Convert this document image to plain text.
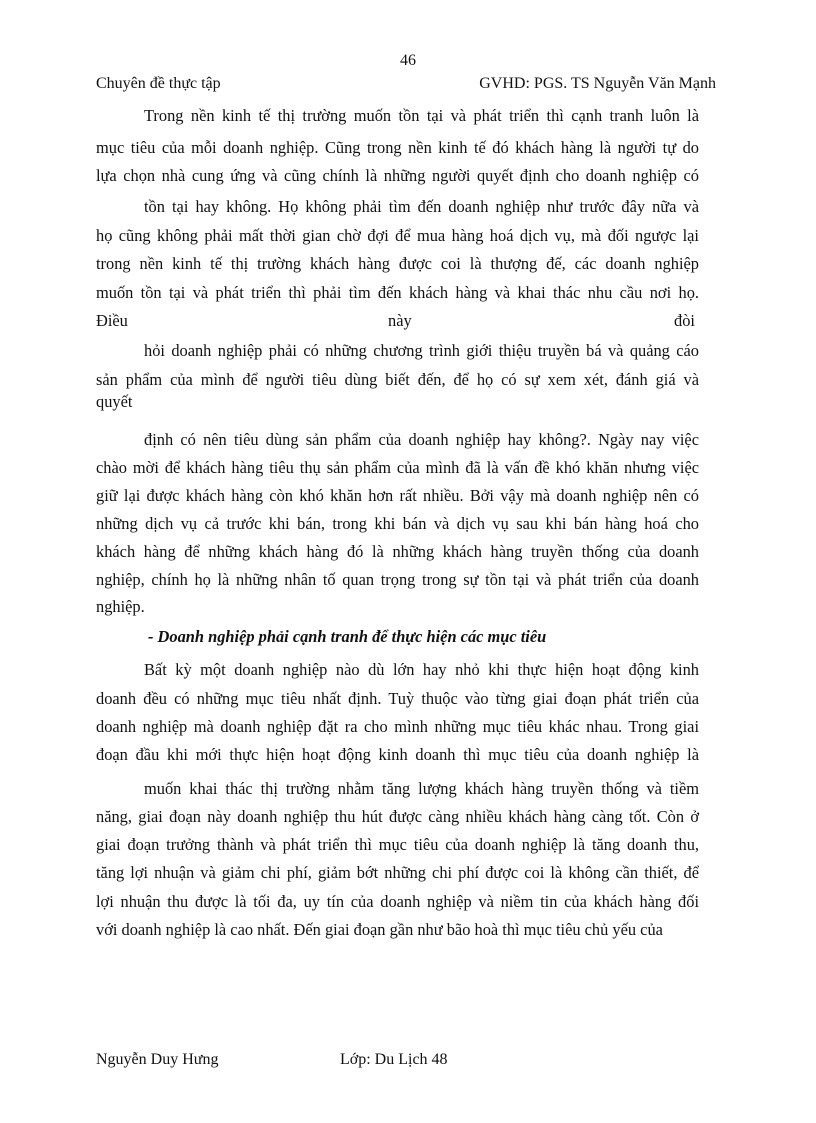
46
Chuyên đề thực tập	GVHD: PGS. TS Nguyễn Văn Mạnh
Trong nền kinh tế thị trường muốn tồn tại và phát triển thì cạnh tranh luôn là
mục tiêu của mỗi doanh nghiệp. Cũng trong nền kinh tế đó khách hàng là người tự do
lựa chọn nhà cung ứng và cũng chính là những người quyết định cho doanh nghiệp có
tồn tại hay không. Họ không phải tìm đến doanh nghiệp như trước đây nữa và
họ cũng không phải mất thời gian chờ đợi để mua hàng hoá dịch vụ, mà đối ngược lại
trong nền kinh tế thị trường khách hàng được coi là thượng đế, các doanh nghiệp
muốn tồn tại và phát triển thì phải tìm đến khách hàng và khai thác nhu cầu nơi họ.
Điều	này	đòi
hỏi doanh nghiệp phải có những chương trình giới thiệu truyền bá và quảng cáo
sản phẩm của mình để người tiêu dùng biết đến, để họ có sự xem xét, đánh giá và
quyết
định có nên tiêu dùng sản phẩm của doanh nghiệp hay không?. Ngày nay việc
chào mời để khách hàng tiêu thụ sản phẩm của mình đã là vấn đề khó khăn nhưng việc
giữ lại được khách hàng còn khó khăn hơn rất nhiều. Bởi vậy mà doanh nghiệp nên có
những dịch vụ cả trước khi bán, trong khi bán và dịch vụ sau khi bán hàng hoá cho
khách hàng để những khách hàng đó là những khách hàng truyền thống của doanh
nghiệp, chính họ là những nhân tố quan trọng trong sự tồn tại và phát triển của doanh
nghiệp.
- Doanh nghiệp phải cạnh tranh để thực hiện các mục tiêu
Bất kỳ một doanh nghiệp nào dù lớn hay nhỏ khi thực hiện hoạt động kinh
doanh đều có những mục tiêu nhất định. Tuỳ thuộc vào từng giai đoạn phát triển của
doanh nghiệp mà doanh nghiệp đặt ra cho mình những mục tiêu khác nhau. Trong giai
đoạn đầu khi mới thực hiện hoạt động kinh doanh thì mục tiêu của doanh nghiệp là
muốn khai thác thị trường nhằm tăng lượng khách hàng truyền thống và tiềm
năng, giai đoạn này doanh nghiệp thu hút được càng nhiều khách hàng càng tốt. Còn ở
giai đoạn trưởng thành và phát triển thì mục tiêu của doanh nghiệp là tăng doanh thu,
tăng lợi nhuận và giảm chi phí, giảm bớt những chi phí được coi là không cần thiết, để
lợi nhuận thu được là tối đa, uy tín của doanh nghiệp và niềm tin của khách hàng đối
với doanh nghiệp là cao nhất. Đến giai đoạn gần như bão hoà thì mục tiêu chủ yếu của
Nguyễn Duy Hưng	Lớp: Du Lịch 48
